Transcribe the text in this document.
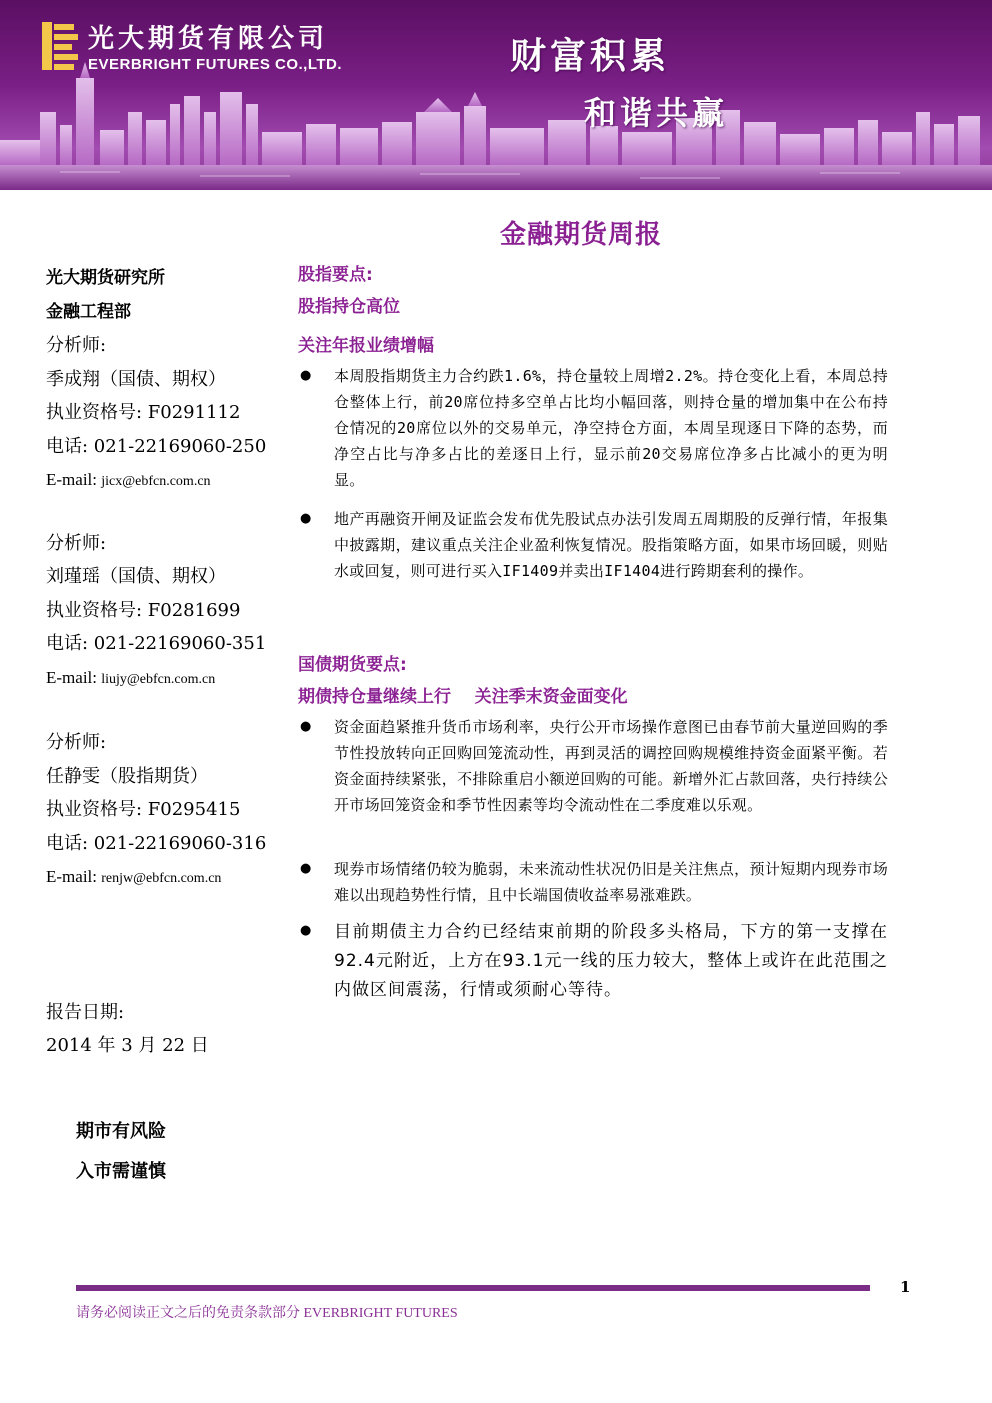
光大期货有限公司
EVERBRIGHT FUTURES CO.,LTD.	财富积累
和谐共赢
金融期货周报
光大期货研究所
金融工程部
分析师:
季成翔（国债、期权）
执业资格号: F0291112
电话: 021-22169060-250
E-mail: jicx@ebfcn.com.cn
分析师:
刘瑾瑶（国债、期权）
执业资格号: F0281699
电话: 021-22169060-351
E-mail: liujy@ebfcn.com.cn
分析师:
任静雯（股指期货）
执业资格号: F0295415
电话: 021-22169060-316
E-mail: renjw@ebfcn.com.cn
报告日期:
2014 年 3 月 22 日
期市有风险
入市需谨慎
股指要点:
股指持仓高位
关注年报业绩增幅
●	本周股指期货主力合约跌1.6%，持仓量较上周增2.2%。持仓变化上看，本周总持仓整体上行，前20席位持多空单占比均小幅回落，则持仓量的增加集中在公布持仓情况的20席位以外的交易单元，净空持仓方面，本周呈现逐日下降的态势，而净空占比与净多占比的差逐日上行，显示前20交易席位净多占比减小的更为明显。
●	地产再融资开闸及证监会发布优先股试点办法引发周五周期股的反弹行情，年报集中披露期，建议重点关注企业盈利恢复情况。股指策略方面，如果市场回暖，则贴水或回复，则可进行买入IF1409并卖出IF1404进行跨期套利的操作。
国债期货要点:
期债持仓量继续上行    关注季末资金面变化
●	资金面趋紧推升货币市场利率，央行公开市场操作意图已由春节前大量逆回购的季节性投放转向正回购回笼流动性，再到灵活的调控回购规模维持资金面紧平衡。若资金面持续紧张，不排除重启小额逆回购的可能。新增外汇占款回落，央行持续公开市场回笼资金和季节性因素等均令流动性在二季度难以乐观。
●	现券市场情绪仍较为脆弱，未来流动性状况仍旧是关注焦点，预计短期内现券市场难以出现趋势性行情，且中长端国债收益率易涨难跌。
●	目前期债主力合约已经结束前期的阶段多头格局，下方的第一支撑在92.4元附近，上方在93.1元一线的压力较大，整体上或许在此范围之内做区间震荡，行情或须耐心等待。
1
请务必阅读正文之后的免责条款部分 EVERBRIGHT FUTURES
